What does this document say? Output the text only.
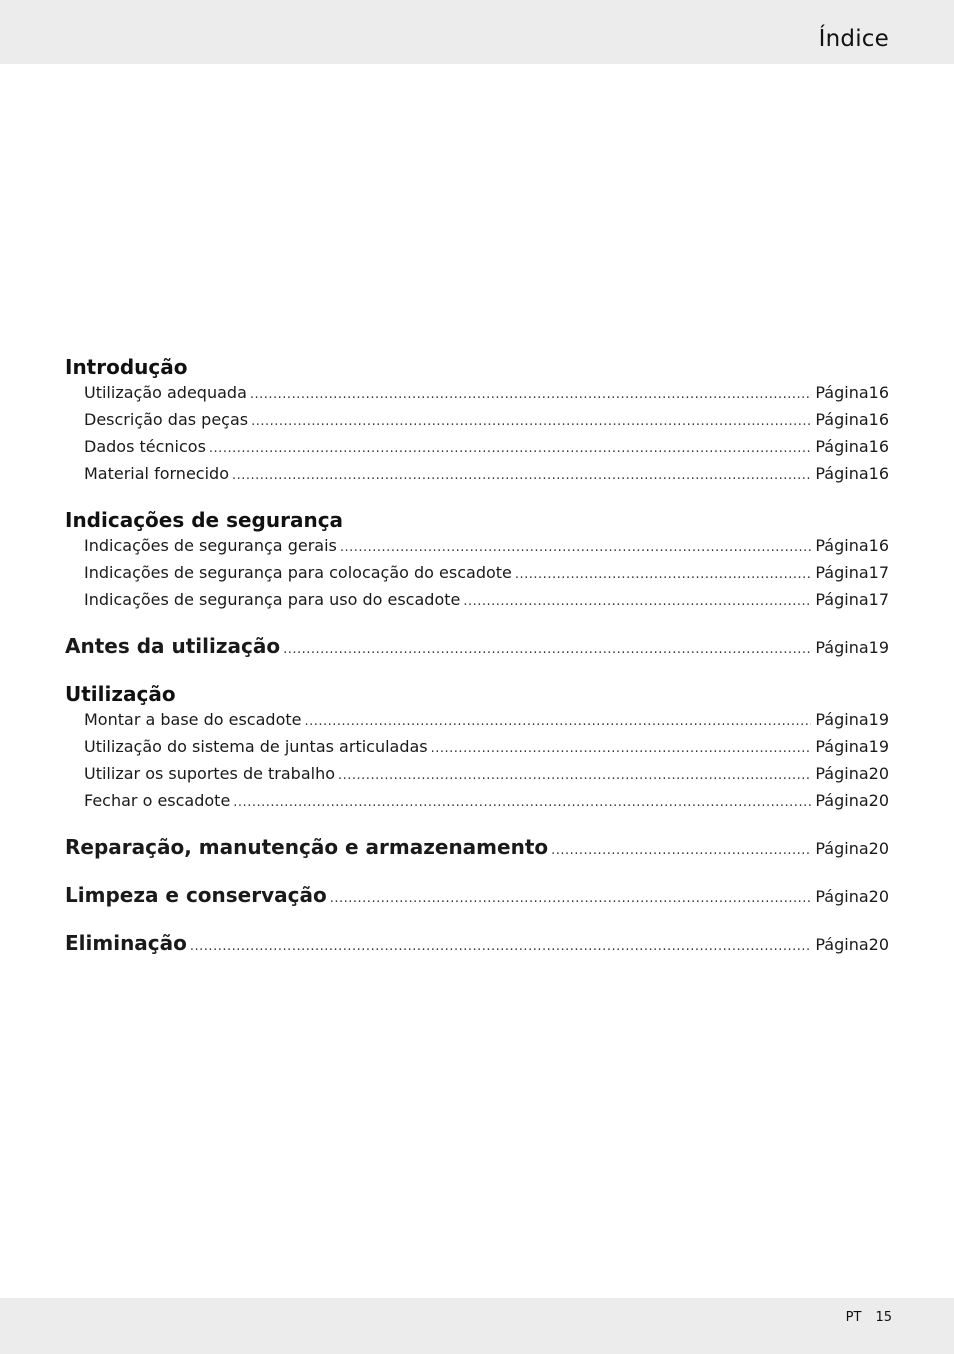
Índice
Introdução
Utilização adequada .....	Página 16
Descrição das peças .....	Página 16
Dados técnicos .....	Página 16
Material fornecido .....	Página 16
Indicações de segurança
Indicações de segurança gerais .....	Página 16
Indicações de segurança para colocação do escadote .....	Página 17
Indicações de segurança para uso do escadote .....	Página 17
Antes da utilização .....	Página 19
Utilização
Montar a base do escadote .....	Página 19
Utilização do sistema de juntas articuladas .....	Página 19
Utilizar os suportes de trabalho .....	Página 20
Fechar o escadote .....	Página 20
Reparação, manutenção e armazenamento .....	Página 20
Limpeza e conservação .....	Página 20
Eliminação .....	Página 20
PT 15
